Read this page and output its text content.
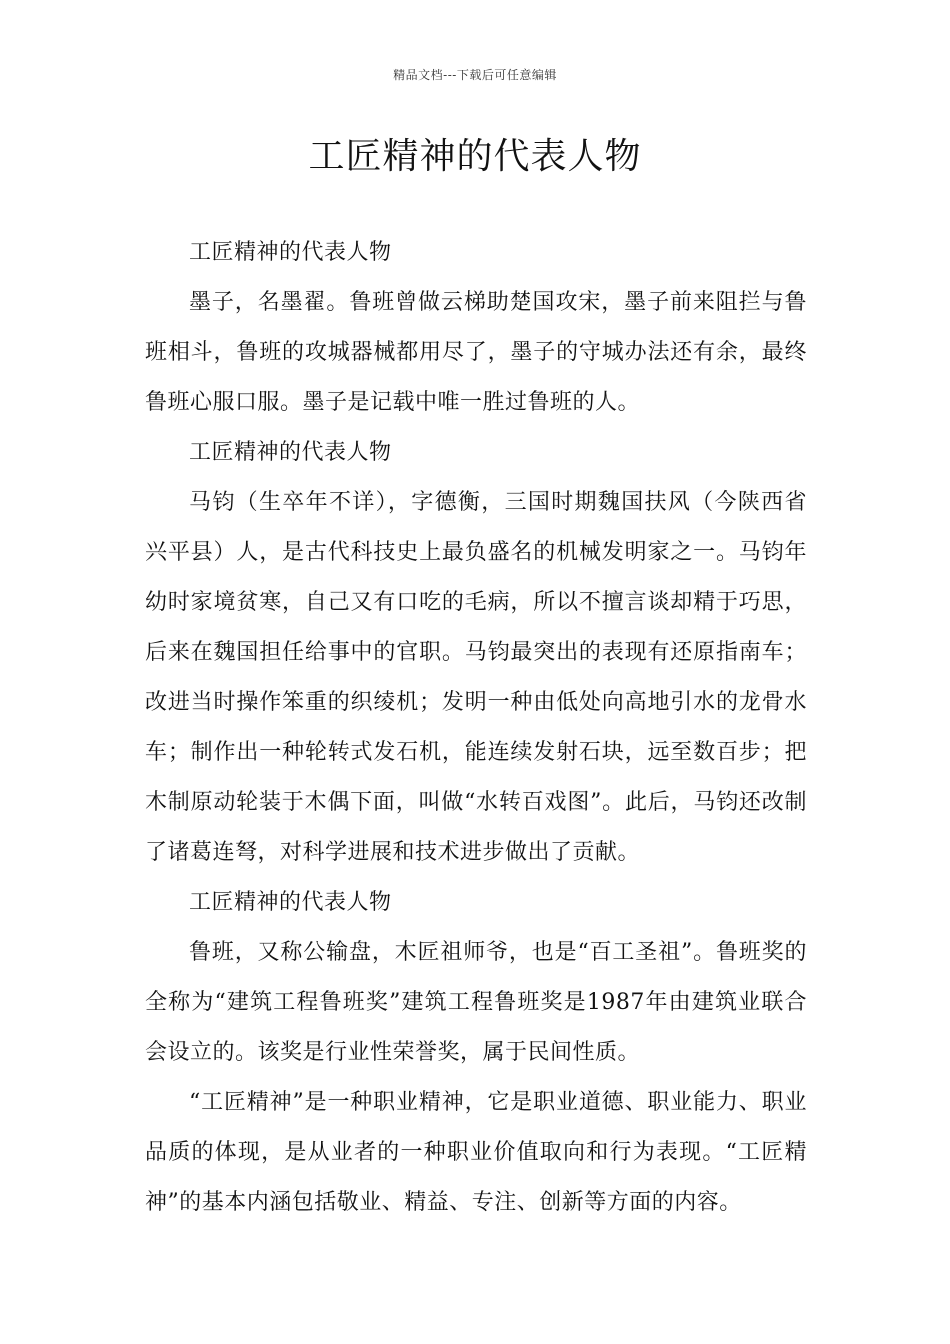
精品文档---下载后可任意编辑
工匠精神的代表人物

工匠精神的代表人物

墨子，名墨翟。鲁班曾做云梯助楚国攻宋，墨子前来阻拦与鲁班相斗，鲁班的攻城器械都用尽了，墨子的守城办法还有余，最终鲁班心服口服。墨子是记载中唯一胜过鲁班的人。

工匠精神的代表人物

马钧（生卒年不详），字德衡，三国时期魏国扶风（今陕西省兴平县）人，是古代科技史上最负盛名的机械发明家之一。马钧年幼时家境贫寒，自己又有口吃的毛病，所以不擅言谈却精于巧思，后来在魏国担任给事中的官职。马钧最突出的表现有还原指南车；改进当时操作笨重的织绫机；发明一种由低处向高地引水的龙骨水车；制作出一种轮转式发石机，能连续发射石块，远至数百步；把木制原动轮装于木偶下面，叫做“水转百戏图”。此后，马钧还改制了诸葛连弩，对科学进展和技术进步做出了贡献。

工匠精神的代表人物

鲁班，又称公输盘，木匠祖师爷，也是“百工圣祖”。鲁班奖的全称为“建筑工程鲁班奖”建筑工程鲁班奖是1987年由建筑业联合会设立的。该奖是行业性荣誉奖，属于民间性质。

“工匠精神”是一种职业精神，它是职业道德、职业能力、职业品质的体现，是从业者的一种职业价值取向和行为表现。“工匠精神”的基本内涵包括敬业、精益、专注、创新等方面的内容。
